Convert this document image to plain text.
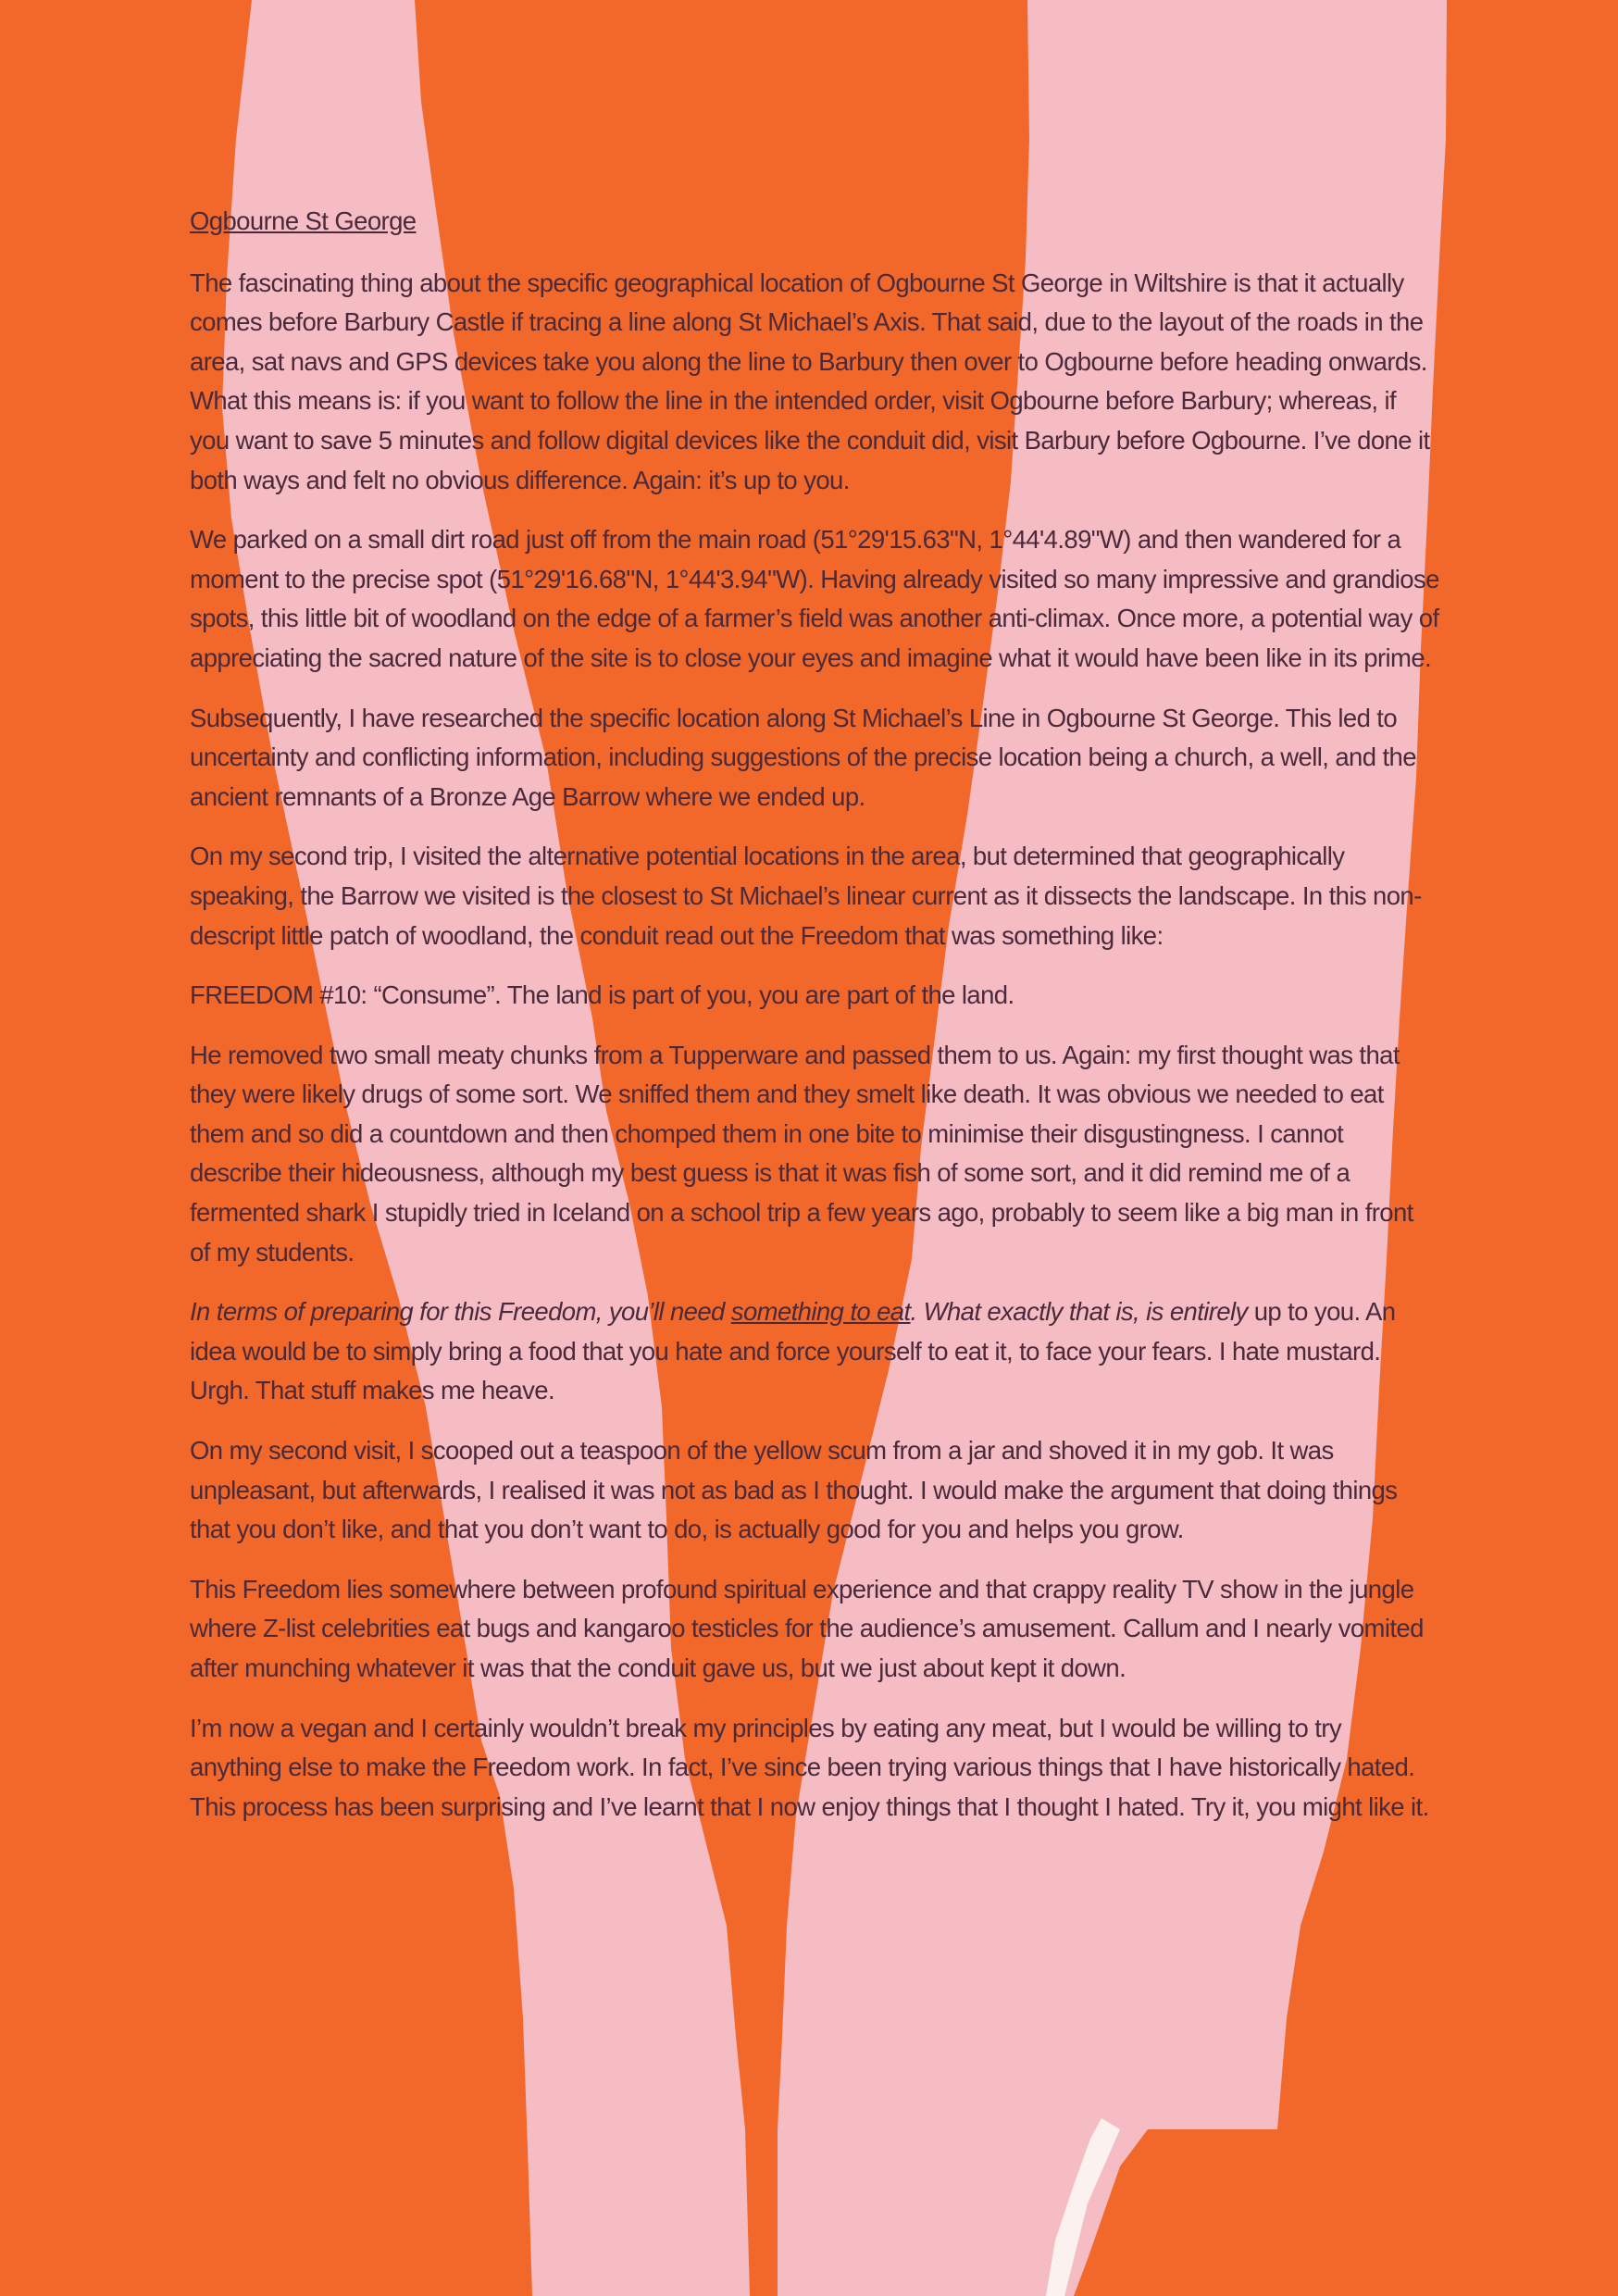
Ogbourne St George

The fascinating thing about the specific geographical location of Ogbourne St George in Wiltshire is that it actually comes before Barbury Castle if tracing a line along St Michael’s Axis. That said, due to the layout of the roads in the area, sat navs and GPS devices take you along the line to Barbury then over to Ogbourne before heading onwards. What this means is: if you want to follow the line in the intended order, visit Ogbourne before Barbury; whereas, if you want to save 5 minutes and follow digital devices like the conduit did, visit Barbury before Ogbourne. I’ve done it both ways and felt no obvious difference. Again: it’s up to you.

We parked on a small dirt road just off from the main road (51°29'15.63"N, 1°44'4.89"W) and then wandered for a moment to the precise spot (51°29'16.68"N, 1°44'3.94"W). Having already visited so many impressive and grandiose spots, this little bit of woodland on the edge of a farmer’s field was another anti-climax. Once more, a potential way of appreciating the sacred nature of the site is to close your eyes and imagine what it would have been like in its prime.

Subsequently, I have researched the specific location along St Michael’s Line in Ogbourne St George. This led to uncertainty and conflicting information, including suggestions of the precise location being a church, a well, and the ancient remnants of a Bronze Age Barrow where we ended up.

On my second trip, I visited the alternative potential locations in the area, but determined that geographically speaking, the Barrow we visited is the closest to St Michael’s linear current as it dissects the landscape. In this non-descript little patch of woodland, the conduit read out the Freedom that was something like:

FREEDOM #10: “Consume”. The land is part of you, you are part of the land.

He removed two small meaty chunks from a Tupperware and passed them to us. Again: my first thought was that they were likely drugs of some sort. We sniffed them and they smelt like death. It was obvious we needed to eat them and so did a countdown and then chomped them in one bite to minimise their disgustingness. I cannot describe their hideousness, although my best guess is that it was fish of some sort, and it did remind me of a fermented shark I stupidly tried in Iceland on a school trip a few years ago, probably to seem like a big man in front of my students.

In terms of preparing for this Freedom, you’ll need something to eat. What exactly that is, is entirely up to you. An idea would be to simply bring a food that you hate and force yourself to eat it, to face your fears. I hate mustard. Urgh. That stuff makes me heave.

On my second visit, I scooped out a teaspoon of the yellow scum from a jar and shoved it in my gob. It was unpleasant, but afterwards, I realised it was not as bad as I thought. I would make the argument that doing things that you don’t like, and that you don’t want to do, is actually good for you and helps you grow.

This Freedom lies somewhere between profound spiritual experience and that crappy reality TV show in the jungle where Z-list celebrities eat bugs and kangaroo testicles for the audience’s amusement. Callum and I nearly vomited after munching whatever it was that the conduit gave us, but we just about kept it down.

I’m now a vegan and I certainly wouldn’t break my principles by eating any meat, but I would be willing to try anything else to make the Freedom work. In fact, I’ve since been trying various things that I have historically hated. This process has been surprising and I’ve learnt that I now enjoy things that I thought I hated. Try it, you might like it.
